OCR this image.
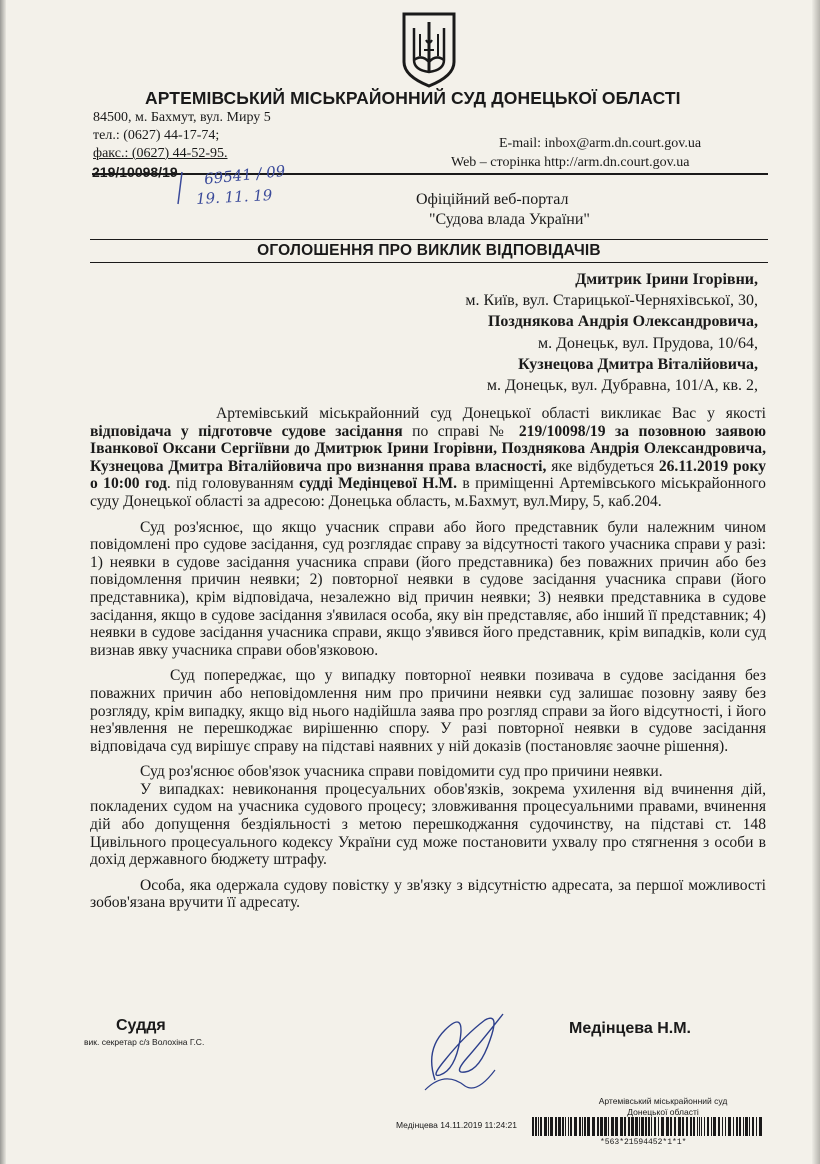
АРТЕМІВСЬКИЙ МІСЬКРАЙОННИЙ СУД ДОНЕЦЬКОЇ ОБЛАСТІ
84500, м. Бахмут, вул. Миру 5
тел.: (0627) 44-17-74;
факс.: (0627) 44-52-95.
E-mail: inbox@arm.dn.court.gov.ua
Web – сторінка http://arm.dn.court.gov.ua
219/10098/19 69541 / 09
19. 11. 19	Офіційний веб-портал
"Судова влада України"
ОГОЛОШЕННЯ ПРО ВИКЛИК ВІДПОВІДАЧІВ
Дмитрик Ірини Ігорівни,
м. Київ, вул. Старицької-Черняхівської, 30,
Позднякова Андрія Олександровича,
м. Донецьк, вул. Прудова, 10/64,
Кузнецова Дмитра Віталійовича,
м. Донецьк, вул. Дубравна, 101/А, кв. 2,

Артемівський міськрайонний суд Донецької області викликає Вас у якості відповідача у підготовче судове засідання по справі № 219/10098/19 за позовною заявою Іванкової Оксани Сергіївни до Дмитрюк Ірини Ігорівни, Позднякова Андрія Олександровича, Кузнецова Дмитра Віталійовича про визнання права власності, яке відбудеться 26.11.2019 року о 10:00 год. під головуванням судді Медінцевої Н.М. в приміщенні Артемівського міськрайонного суду Донецької області за адресою: Донецька область, м.Бахмут, вул.Миру, 5, каб.204.

Суд роз'яснює, що якщо учасник справи або його представник були належним чином повідомлені про судове засідання, суд розглядає справу за відсутності такого учасника справи у разі: 1) неявки в судове засідання учасника справи (його представника) без поважних причин або без повідомлення причин неявки; 2) повторної неявки в судове засідання учасника справи (його представника), крім відповідача, незалежно від причин неявки; 3) неявки представника в судове засідання, якщо в судове засідання з'явилася особа, яку він представляє, або інший її представник; 4) неявки в судове засідання учасника справи, якщо з'явився його представник, крім випадків, коли суд визнав явку учасника справи обов'язковою.

Суд попереджає, що у випадку повторної неявки позивача в судове засідання без поважних причин або неповідомлення ним про причини неявки суд залишає позовну заяву без розгляду, крім випадку, якщо від нього надійшла заява про розгляд справи за його відсутності, і його нез'явлення не перешкоджає вирішенню спору. У разі повторної неявки в судове засідання відповідача суд вирішує справу на підставі наявних у ній доказів (постановляє заочне рішення).

Суд роз'яснює обов'язок учасника справи повідомити суд про причини неявки.

У випадках: невиконання процесуальних обов'язків, зокрема ухилення від вчинення дій, покладених судом на учасника судового процесу; зловживання процесуальними правами, вчинення дій або допущення бездіяльності з метою перешкоджання судочинству, на підставі ст. 148 Цивільного процесуального кодексу України суд може постановити ухвалу про стягнення з особи в дохід державного бюджету штрафу.

Особа, яка одержала судову повістку у зв'язку з відсутністю адресата, за першої можливості зобов'язана вручити її адресату.

Суддя
вик. секретар с/з Волохіна Г.С.
Медінцева Н.М.
Артемівський міськрайонний суд Донецької області
Медінцева 14.11.2019 11:24:21
*563*21594452*1*1*
